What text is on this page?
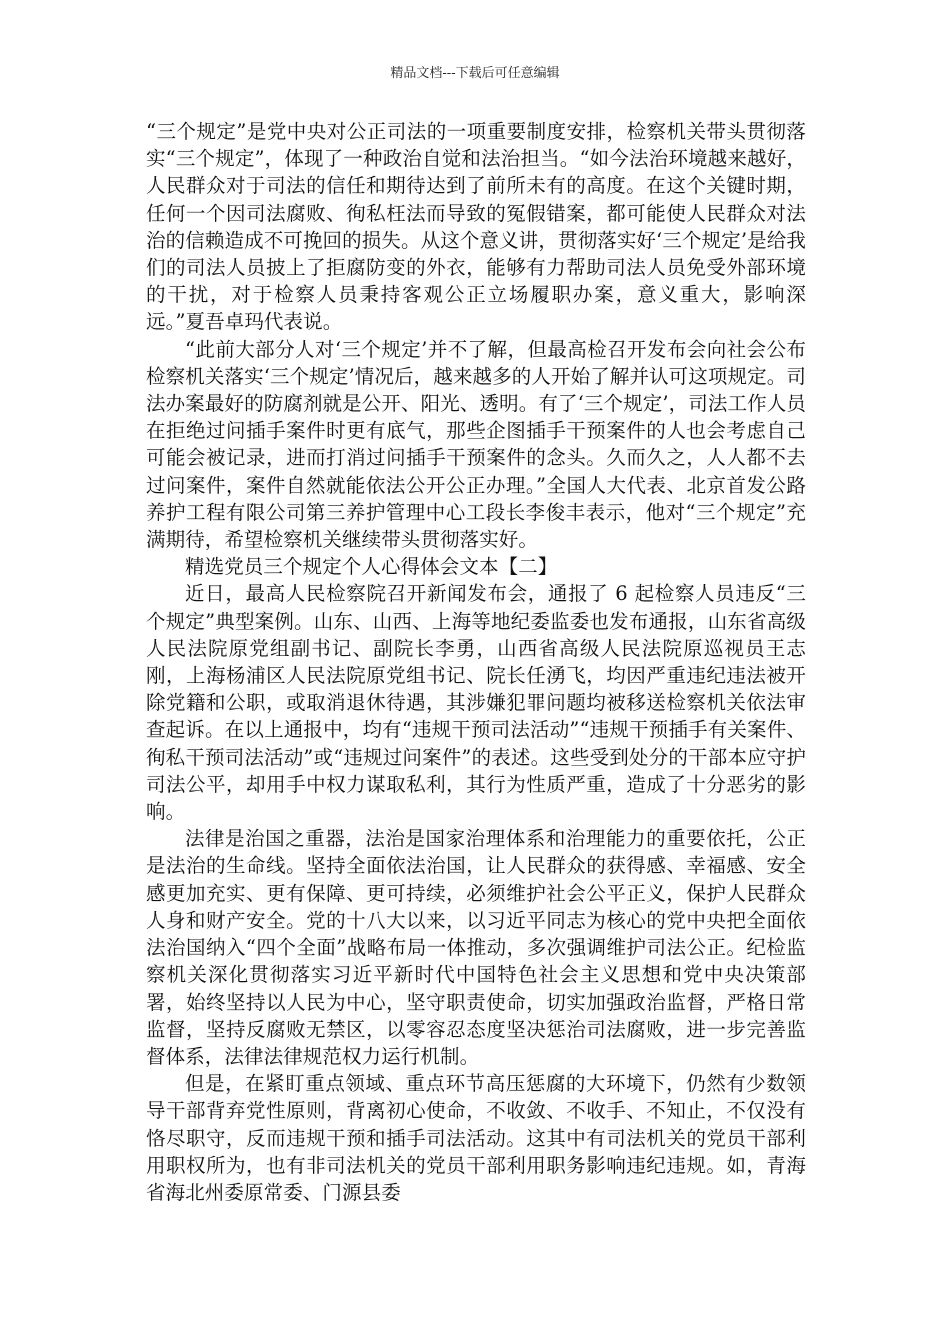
精品文档---下载后可任意编辑

“三个规定”是党中央对公正司法的一项重要制度安排，检察机关带头贯彻落实“三个规定”，体现了一种政治自觉和法治担当。“如今法治环境越来越好，人民群众对于司法的信任和期待达到了前所未有的高度。在这个关键时期，任何一个因司法腐败、徇私枉法而导致的冤假错案，都可能使人民群众对法治的信赖造成不可挽回的损失。从这个意义讲，贯彻落实好‘三个规定’是给我们的司法人员披上了拒腐防变的外衣，能够有力帮助司法人员免受外部环境的干扰，对于检察人员秉持客观公正立场履职办案，意义重大，影响深远。”夏吾卓玛代表说。

“此前大部分人对‘三个规定’并不了解，但最高检召开发布会向社会公布检察机关落实‘三个规定’情况后，越来越多的人开始了解并认可这项规定。司法办案最好的防腐剂就是公开、阳光、透明。有了‘三个规定’，司法工作人员在拒绝过问插手案件时更有底气，那些企图插手干预案件的人也会考虑自己可能会被记录，进而打消过问插手干预案件的念头。久而久之，人人都不去过问案件，案件自然就能依法公开公正办理。”全国人大代表、北京首发公路养护工程有限公司第三养护管理中心工段长李俊丰表示，他对“三个规定”充满期待，希望检察机关继续带头贯彻落实好。

精选党员三个规定个人心得体会文本【二】

近日，最高人民检察院召开新闻发布会，通报了 6 起检察人员违反“三个规定”典型案例。山东、山西、上海等地纪委监委也发布通报，山东省高级人民法院原党组副书记、副院长李勇，山西省高级人民法院原巡视员王志刚，上海杨浦区人民法院原党组书记、院长任湧飞，均因严重违纪违法被开除党籍和公职，或取消退休待遇，其涉嫌犯罪问题均被移送检察机关依法审查起诉。在以上通报中，均有“违规干预司法活动”“违规干预插手有关案件、徇私干预司法活动”或“违规过问案件”的表述。这些受到处分的干部本应守护司法公平，却用手中权力谋取私利，其行为性质严重，造成了十分恶劣的影响。

法律是治国之重器，法治是国家治理体系和治理能力的重要依托，公正是法治的生命线。坚持全面依法治国，让人民群众的获得感、幸福感、安全感更加充实、更有保障、更可持续，必须维护社会公平正义，保护人民群众人身和财产安全。党的十八大以来，以习近平同志为核心的党中央把全面依法治国纳入“四个全面”战略布局一体推动，多次强调维护司法公正。纪检监察机关深化贯彻落实习近平新时代中国特色社会主义思想和党中央决策部署，始终坚持以人民为中心，坚守职责使命，切实加强政治监督，严格日常监督，坚持反腐败无禁区，以零容忍态度坚决惩治司法腐败，进一步完善监督体系，法律法律规范权力运行机制。

但是，在紧盯重点领域、重点环节高压惩腐的大环境下，仍然有少数领导干部背弃党性原则，背离初心使命，不收敛、不收手、不知止，不仅没有恪尽职守，反而违规干预和插手司法活动。这其中有司法机关的党员干部利用职权所为，也有非司法机关的党员干部利用职务影响违纪违规。如，青海省海北州委原常委、门源县委
